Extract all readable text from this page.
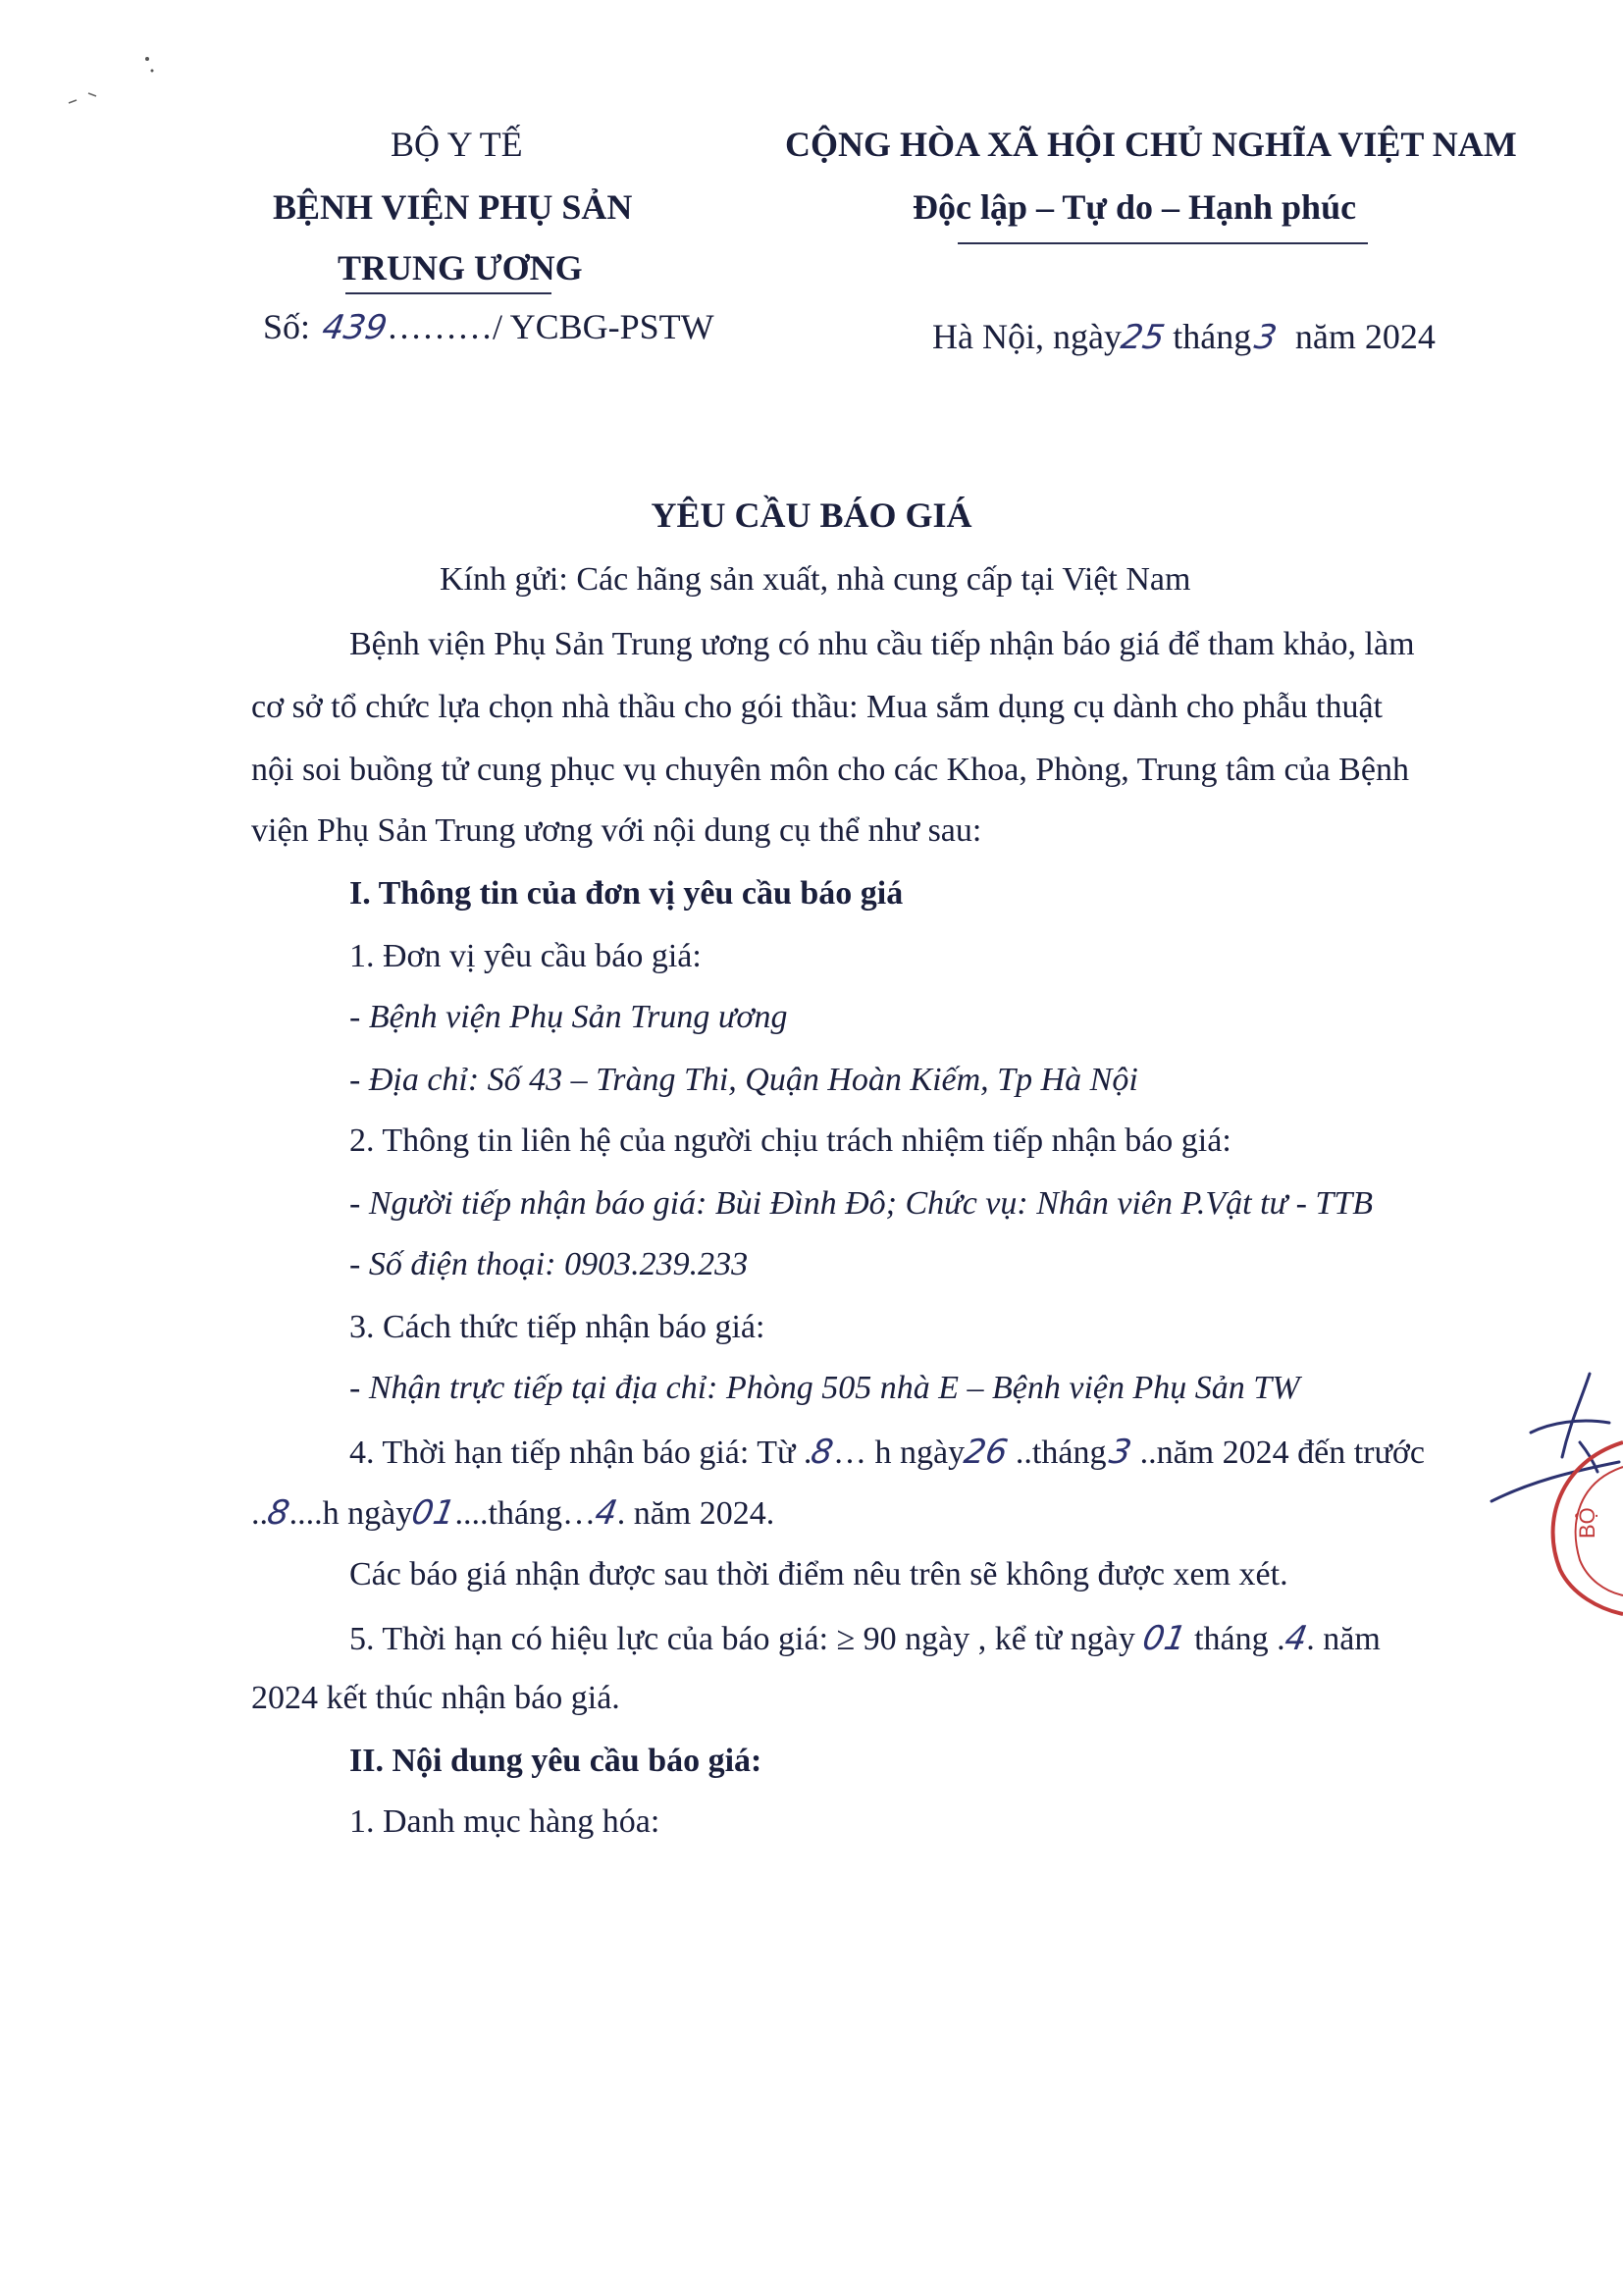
BỘ Y TẾ
BỆNH VIỆN PHỤ SẢN
TRUNG ƯƠNG
Số: 439………/ YCBG-PSTW
CỘNG HÒA XÃ HỘI CHỦ NGHĨA VIỆT NAM
Độc lập – Tự do – Hạnh phúc
Hà Nội, ngày25 tháng3 năm 2024
YÊU CẦU BÁO GIÁ
Kính gửi: Các hãng sản xuất, nhà cung cấp tại Việt Nam
Bệnh viện Phụ Sản Trung ương có nhu cầu tiếp nhận báo giá để tham khảo, làm
cơ sở tổ chức lựa chọn nhà thầu cho gói thầu: Mua sắm dụng cụ dành cho phẫu thuật
nội soi buồng tử cung phục vụ chuyên môn cho các Khoa, Phòng, Trung tâm của Bệnh
viện Phụ Sản Trung ương với nội dung cụ thể như sau:
I. Thông tin của đơn vị yêu cầu báo giá
1. Đơn vị yêu cầu báo giá:
- Bệnh viện Phụ Sản Trung ương
- Địa chỉ: Số 43 – Tràng Thi, Quận Hoàn Kiếm, Tp Hà Nội
2. Thông tin liên hệ của người chịu trách nhiệm tiếp nhận báo giá:
- Người tiếp nhận báo giá: Bùi Đình Đô; Chức vụ: Nhân viên P.Vật tư - TTB
- Số điện thoại: 0903.239.233
3. Cách thức tiếp nhận báo giá:
- Nhận trực tiếp tại địa chỉ: Phòng 505 nhà E – Bệnh viện Phụ Sản TW
4. Thời hạn tiếp nhận báo giá: Từ .8… h ngày26 ..tháng3 ..năm 2024 đến trước
..8....h ngày01....tháng…4. năm 2024.
Các báo giá nhận được sau thời điểm nêu trên sẽ không được xem xét.
5. Thời hạn có hiệu lực của báo giá: ≥ 90 ngày , kể từ ngày 01 tháng .4. năm
2024 kết thúc nhận báo giá.
II. Nội dung yêu cầu báo giá:
1. Danh mục hàng hóa:
BỘ
